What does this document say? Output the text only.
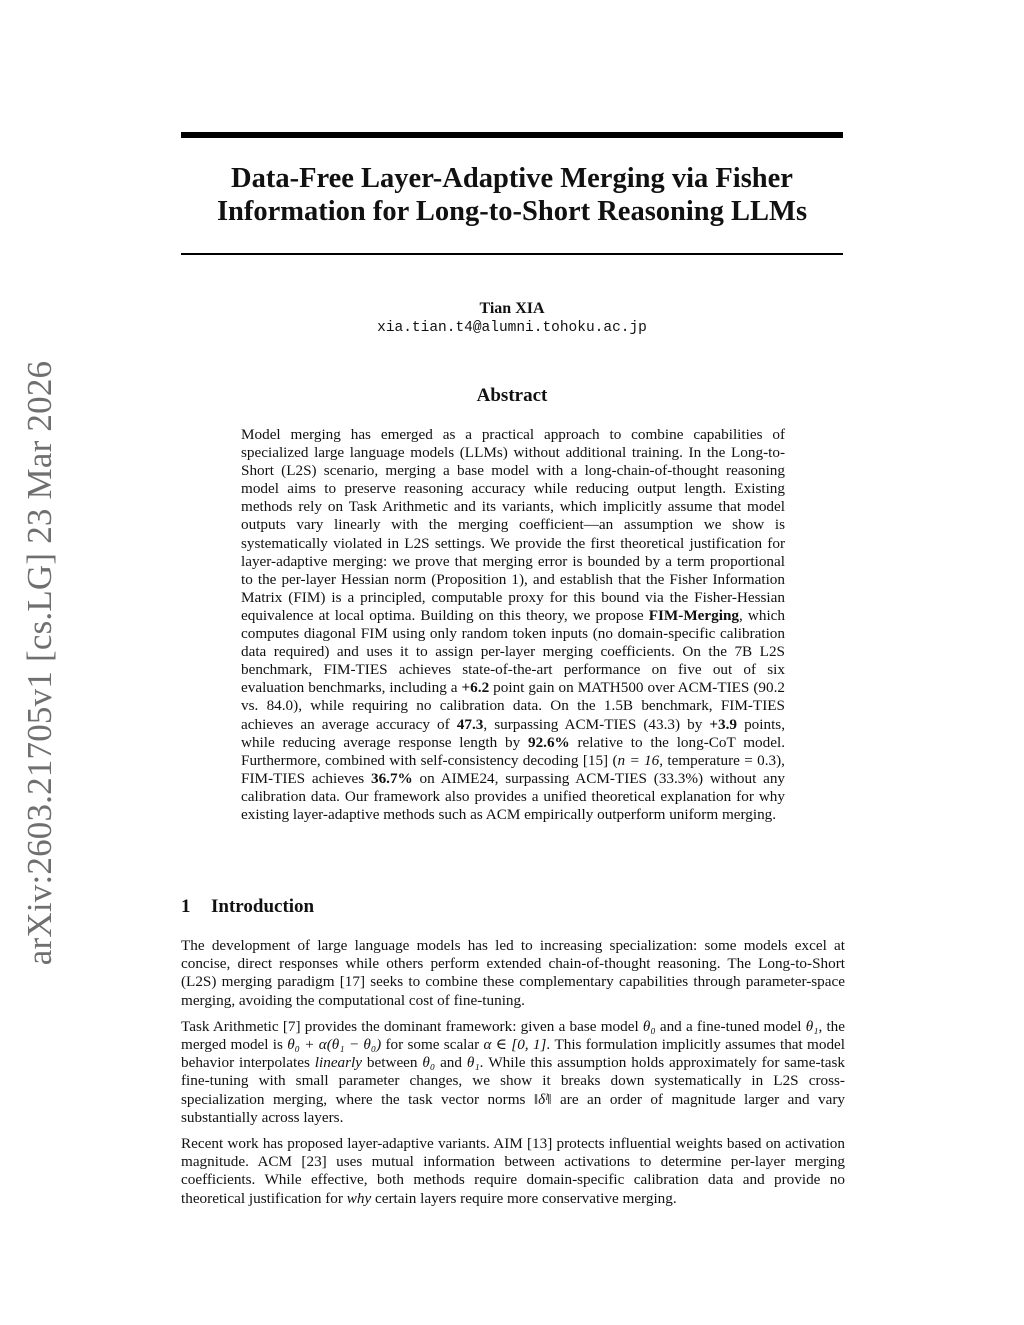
arXiv:2603.21705v1 [cs.LG] 23 Mar 2026
Data-Free Layer-Adaptive Merging via Fisher
Information for Long-to-Short Reasoning LLMs
Tian XIA
xia.tian.t4@alumni.tohoku.ac.jp
Abstract

Model merging has emerged as a practical approach to combine capabilities of specialized large language models (LLMs) without additional training. In the Long-to-Short (L2S) scenario, merging a base model with a long-chain-of-thought reasoning model aims to preserve reasoning accuracy while reducing output length. Existing methods rely on Task Arithmetic and its variants, which implicitly assume that model outputs vary linearly with the merging coefficient—an assumption we show is systematically violated in L2S settings. We provide the first theoretical justification for layer-adaptive merging: we prove that merging error is bounded by a term proportional to the per-layer Hessian norm (Proposition 1), and establish that the Fisher Information Matrix (FIM) is a principled, computable proxy for this bound via the Fisher-Hessian equivalence at local optima. Building on this theory, we propose FIM-Merging, which computes diagonal FIM using only random token inputs (no domain-specific calibration data required) and uses it to assign per-layer merging coefficients. On the 7B L2S benchmark, FIM-TIES achieves state-of-the-art performance on five out of six evaluation benchmarks, including a +6.2 point gain on MATH500 over ACM-TIES (90.2 vs. 84.0), while requiring no calibration data. On the 1.5B benchmark, FIM-TIES achieves an average accuracy of 47.3, surpassing ACM-TIES (43.3) by +3.9 points, while reducing average response length by 92.6% relative to the long-CoT model. Furthermore, combined with self-consistency decoding [15] (n = 16, temperature = 0.3), FIM-TIES achieves 36.7% on AIME24, surpassing ACM-TIES (33.3%) without any calibration data. Our framework also provides a unified theoretical explanation for why existing layer-adaptive methods such as ACM empirically outperform uniform merging.

1 Introduction

The development of large language models has led to increasing specialization: some models excel at concise, direct responses while others perform extended chain-of-thought reasoning. The Long-to-Short (L2S) merging paradigm [17] seeks to combine these complementary capabilities through parameter-space merging, avoiding the computational cost of fine-tuning.

Task Arithmetic [7] provides the dominant framework: given a base model θ₀ and a fine-tuned model θ₁, the merged model is θ₀ + α(θ₁ − θ₀) for some scalar α ∈ [0, 1]. This formulation implicitly assumes that model behavior interpolates linearly between θ₀ and θ₁. While this assumption holds approximately for same-task fine-tuning with small parameter changes, we show it breaks down systematically in L2S cross-specialization merging, where the task vector norms ‖δˡ‖ are an order of magnitude larger and vary substantially across layers.

Recent work has proposed layer-adaptive variants. AIM [13] protects influential weights based on activation magnitude. ACM [23] uses mutual information between activations to determine per-layer merging coefficients. While effective, both methods require domain-specific calibration data and provide no theoretical justification for why certain layers require more conservative merging.
